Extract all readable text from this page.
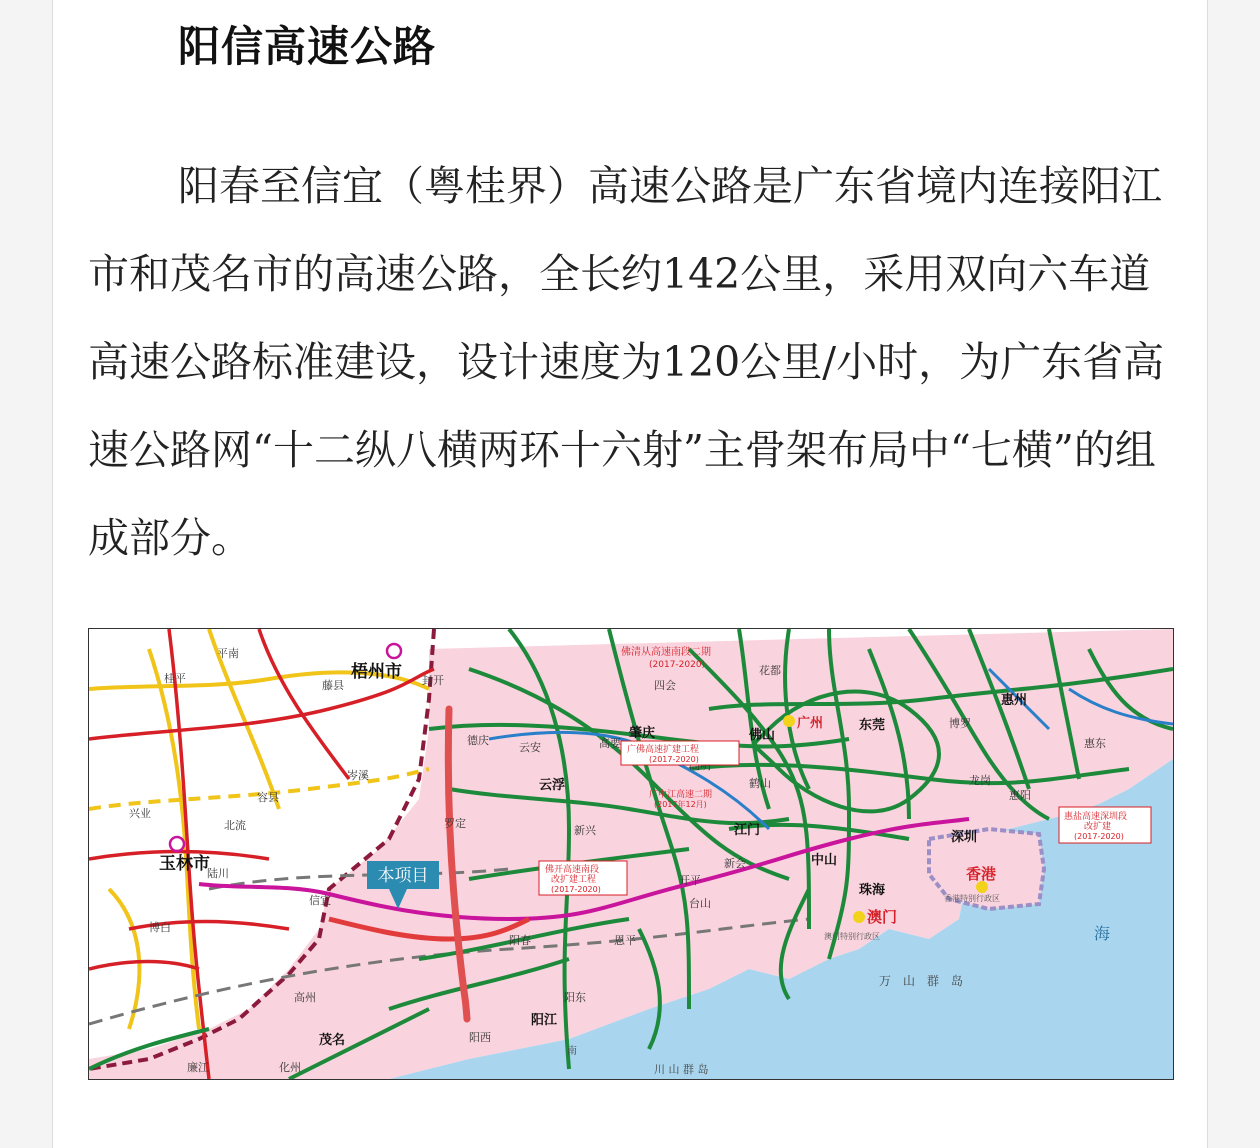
阳信高速公路

阳春至信宜（粤桂界）高速公路是广东省境内连接阳江市和茂名市的高速公路，全长约142公里，采用双向六车道高速公路标准建设，设计速度为120公里/小时，为广东省高速公路网“十二纵八横两环十六射”主骨架布局中“七横”的组成部分。

本项目
梧州市
玉林市
广州
香港
澳门
深圳
珠海
中山
江门
阳江
茂名
云浮
肇庆
东莞
惠州
佛山
平南
桂平
藤县
岑溪
容县
北流
陆川
博白
兴业
信宜
高州
化州
廉江
阳春
阳东
阳西
恩平
台山
开平
新会
新兴
云安
德庆
封开	四会
高要
鹤山
花都
博罗
惠东
惠阳
龙岗
罗定
佛清从高速南段二期
(2017-2020)
广佛高速扩建工程
(2017-2020)
广中江高速二期
(2017年12月)
佛开高速南段
改扩建工程
(2017-2020)
惠盐高速深圳段
改扩建
(2017-2020)
香港特别行政区
澳门特别行政区	海
万　山　群　岛
川 山 群 岛
南
